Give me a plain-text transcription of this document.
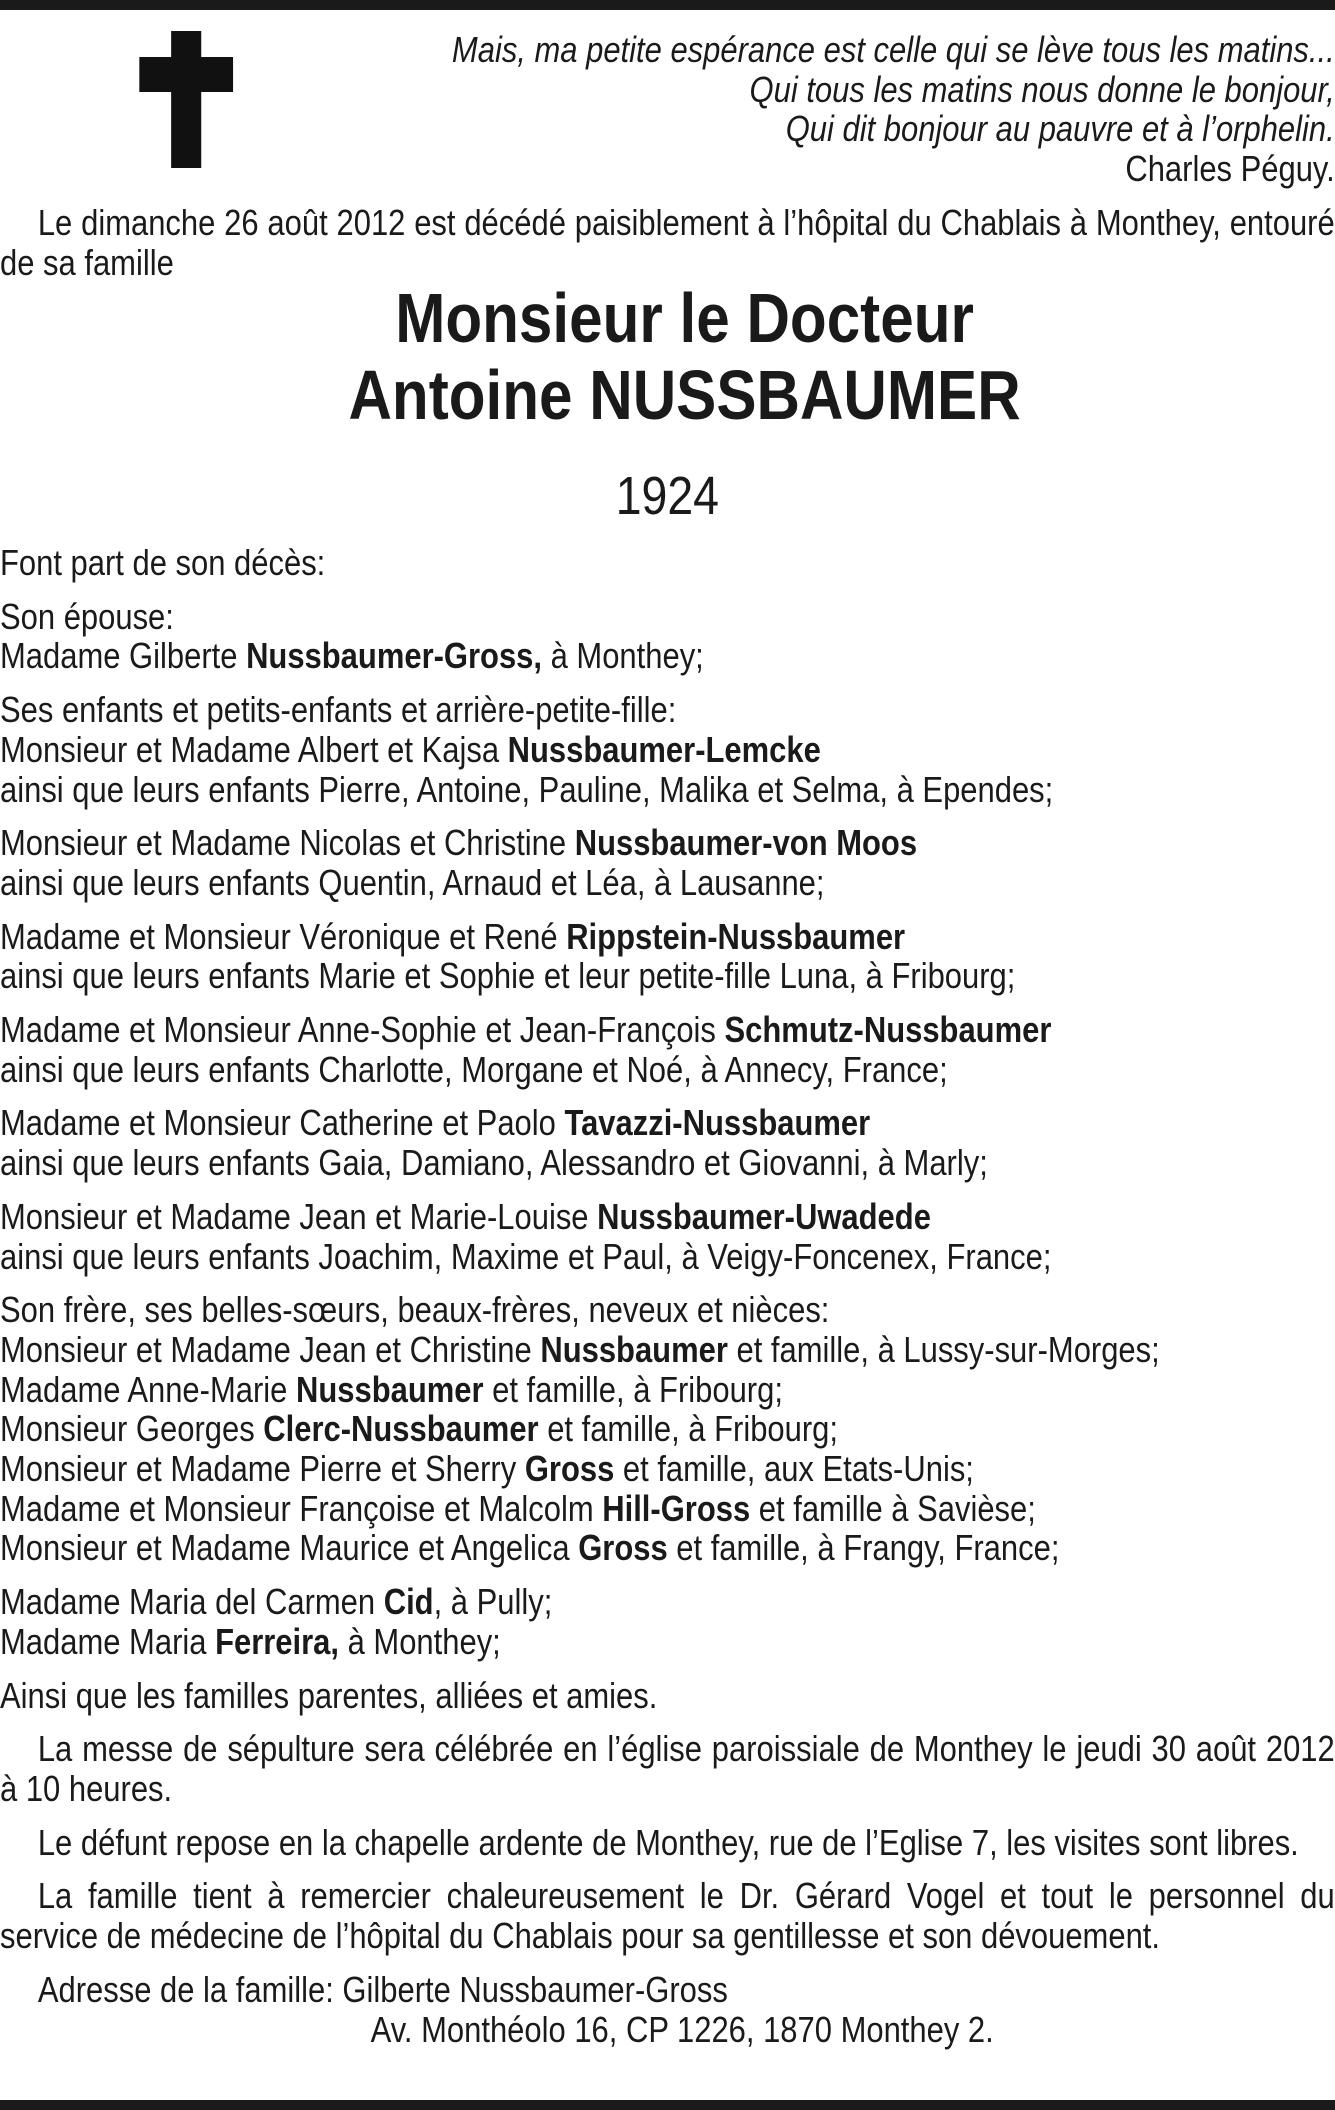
Mais, ma petite espérance est celle qui se lève tous les matins...
Qui tous les matins nous donne le bonjour,
Qui dit bonjour au pauvre et à l’orphelin.
Charles Péguy.
Le dimanche 26 août 2012 est décédé paisiblement à l’hôpital du Chablais à Monthey, entouré de sa famille
Monsieur le Docteur
Antoine NUSSBAUMER
1924
Font part de son décès:
Son épouse:
Madame Gilberte Nussbaumer-Gross, à Monthey;
Ses enfants et petits-enfants et arrière-petite-fille:
Monsieur et Madame Albert et Kajsa Nussbaumer-Lemcke
ainsi que leurs enfants Pierre, Antoine, Pauline, Malika et Selma, à Ependes;
Monsieur et Madame Nicolas et Christine Nussbaumer-von Moos
ainsi que leurs enfants Quentin, Arnaud et Léa, à Lausanne;
Madame et Monsieur Véronique et René Rippstein-Nussbaumer
ainsi que leurs enfants Marie et Sophie et leur petite-fille Luna, à Fribourg;
Madame et Monsieur Anne-Sophie et Jean-François Schmutz-Nussbaumer
ainsi que leurs enfants Charlotte, Morgane et Noé, à Annecy, France;
Madame et Monsieur Catherine et Paolo Tavazzi-Nussbaumer
ainsi que leurs enfants Gaia, Damiano, Alessandro et Giovanni, à Marly;
Monsieur et Madame Jean et Marie-Louise Nussbaumer-Uwadede
ainsi que leurs enfants Joachim, Maxime et Paul, à Veigy-Foncenex, France;
Son frère, ses belles-sœurs, beaux-frères, neveux et nièces:
Monsieur et Madame Jean et Christine Nussbaumer et famille, à Lussy-sur-Morges;
Madame Anne-Marie Nussbaumer et famille, à Fribourg;
Monsieur Georges Clerc-Nussbaumer et famille, à Fribourg;
Monsieur et Madame Pierre et Sherry Gross et famille, aux Etats-Unis;
Madame et Monsieur Françoise et Malcolm Hill-Gross et famille à Savièse;
Monsieur et Madame Maurice et Angelica Gross et famille, à Frangy, France;
Madame Maria del Carmen Cid, à Pully;
Madame Maria Ferreira, à Monthey;
Ainsi que les familles parentes, alliées et amies.
La messe de sépulture sera célébrée en l’église paroissiale de Monthey le jeudi 30 août 2012 à 10 heures.
Le défunt repose en la chapelle ardente de Monthey, rue de l’Eglise 7, les visites sont libres.
La famille tient à remercier chaleureusement le Dr. Gérard Vogel et tout le personnel du service de médecine de l’hôpital du Chablais pour sa gentillesse et son dévouement.
Adresse de la famille: Gilberte Nussbaumer-Gross
Av. Monthéolo 16, CP 1226, 1870 Monthey 2.
